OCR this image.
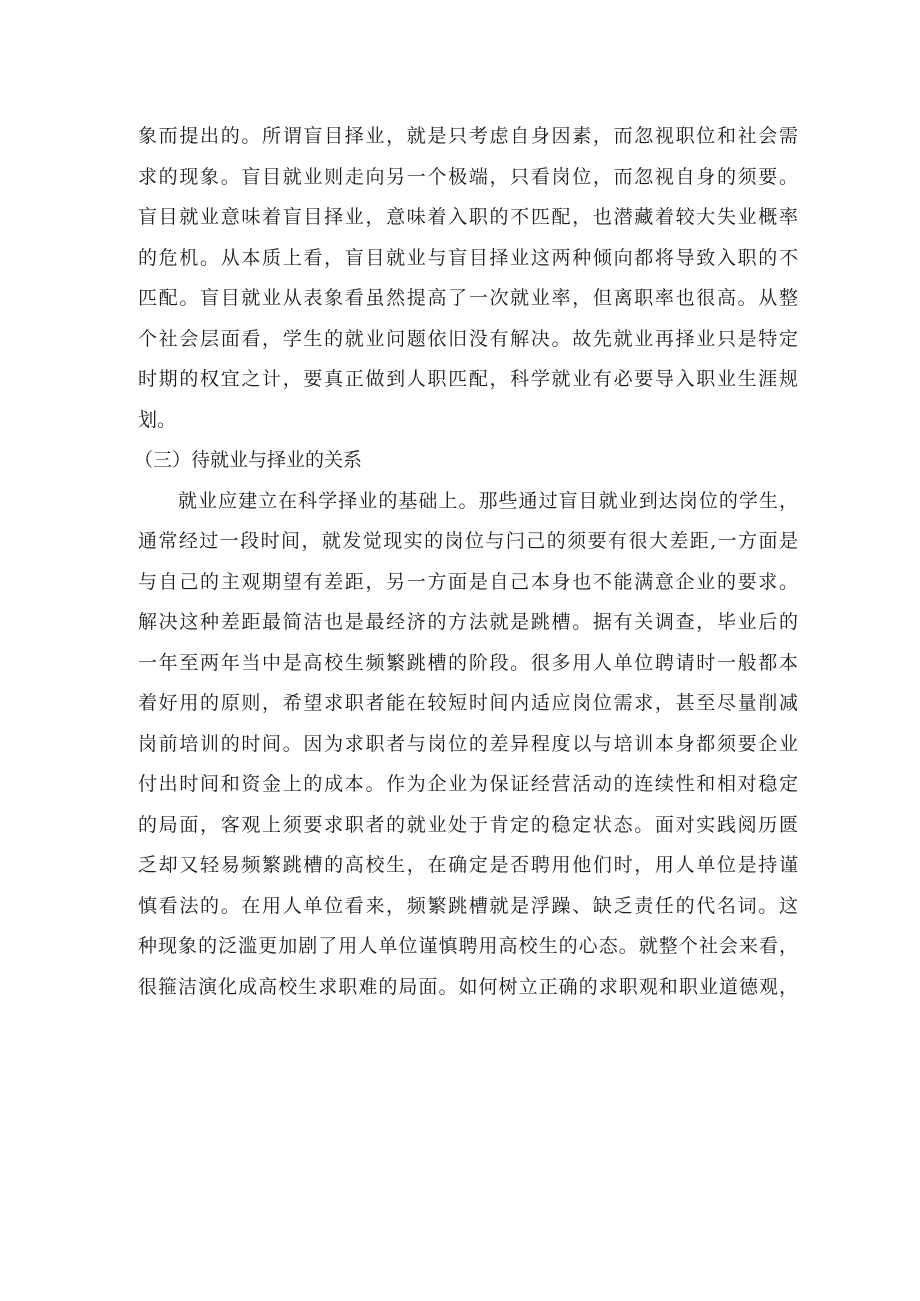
象而提出的。所谓盲目择业，就是只考虑自身因素，而忽视职位和社会需
求的现象。盲目就业则走向另一个极端，只看岗位，而忽视自身的须要。
盲目就业意味着盲目择业，意味着入职的不匹配，也潜藏着较大失业概率
的危机。从本质上看，盲目就业与盲目择业这两种倾向都将导致入职的不
匹配。盲目就业从表象看虽然提高了一次就业率，但离职率也很高。从整
个社会层面看，学生的就业问题依旧没有解决。故先就业再择业只是特定
时期的权宜之计，要真正做到人职匹配，科学就业有必要导入职业生涯规
划。
（三）待就业与择业的关系
就业应建立在科学择业的基础上。那些通过盲目就业到达岗位的学生，
通常经过一段时间，就发觉现实的岗位与闩己的须要有很大差距,一方面是
与自己的主观期望有差距，另一方面是自己本身也不能满意企业的要求。
解决这种差距最简洁也是最经济的方法就是跳槽。据有关调查，毕业后的
一年至两年当中是高校生频繁跳槽的阶段。很多用人单位聘请时一般都本
着好用的原则，希望求职者能在较短时间内适应岗位需求，甚至尽量削减
岗前培训的时间。因为求职者与岗位的差异程度以与培训本身都须要企业
付出时间和资金上的成本。作为企业为保证经营活动的连续性和相对稳定
的局面，客观上须要求职者的就业处于肯定的稳定状态。面对实践阅历匮
乏却又轻易频繁跳槽的高校生，在确定是否聘用他们时，用人单位是持谨
慎看法的。在用人单位看来，频繁跳槽就是浮躁、缺乏责任的代名词。这
种现象的泛滥更加剧了用人单位谨慎聘用高校生的心态。就整个社会来看，
很箍洁演化成高校生求职难的局面。如何树立正确的求职观和职业道德观，
